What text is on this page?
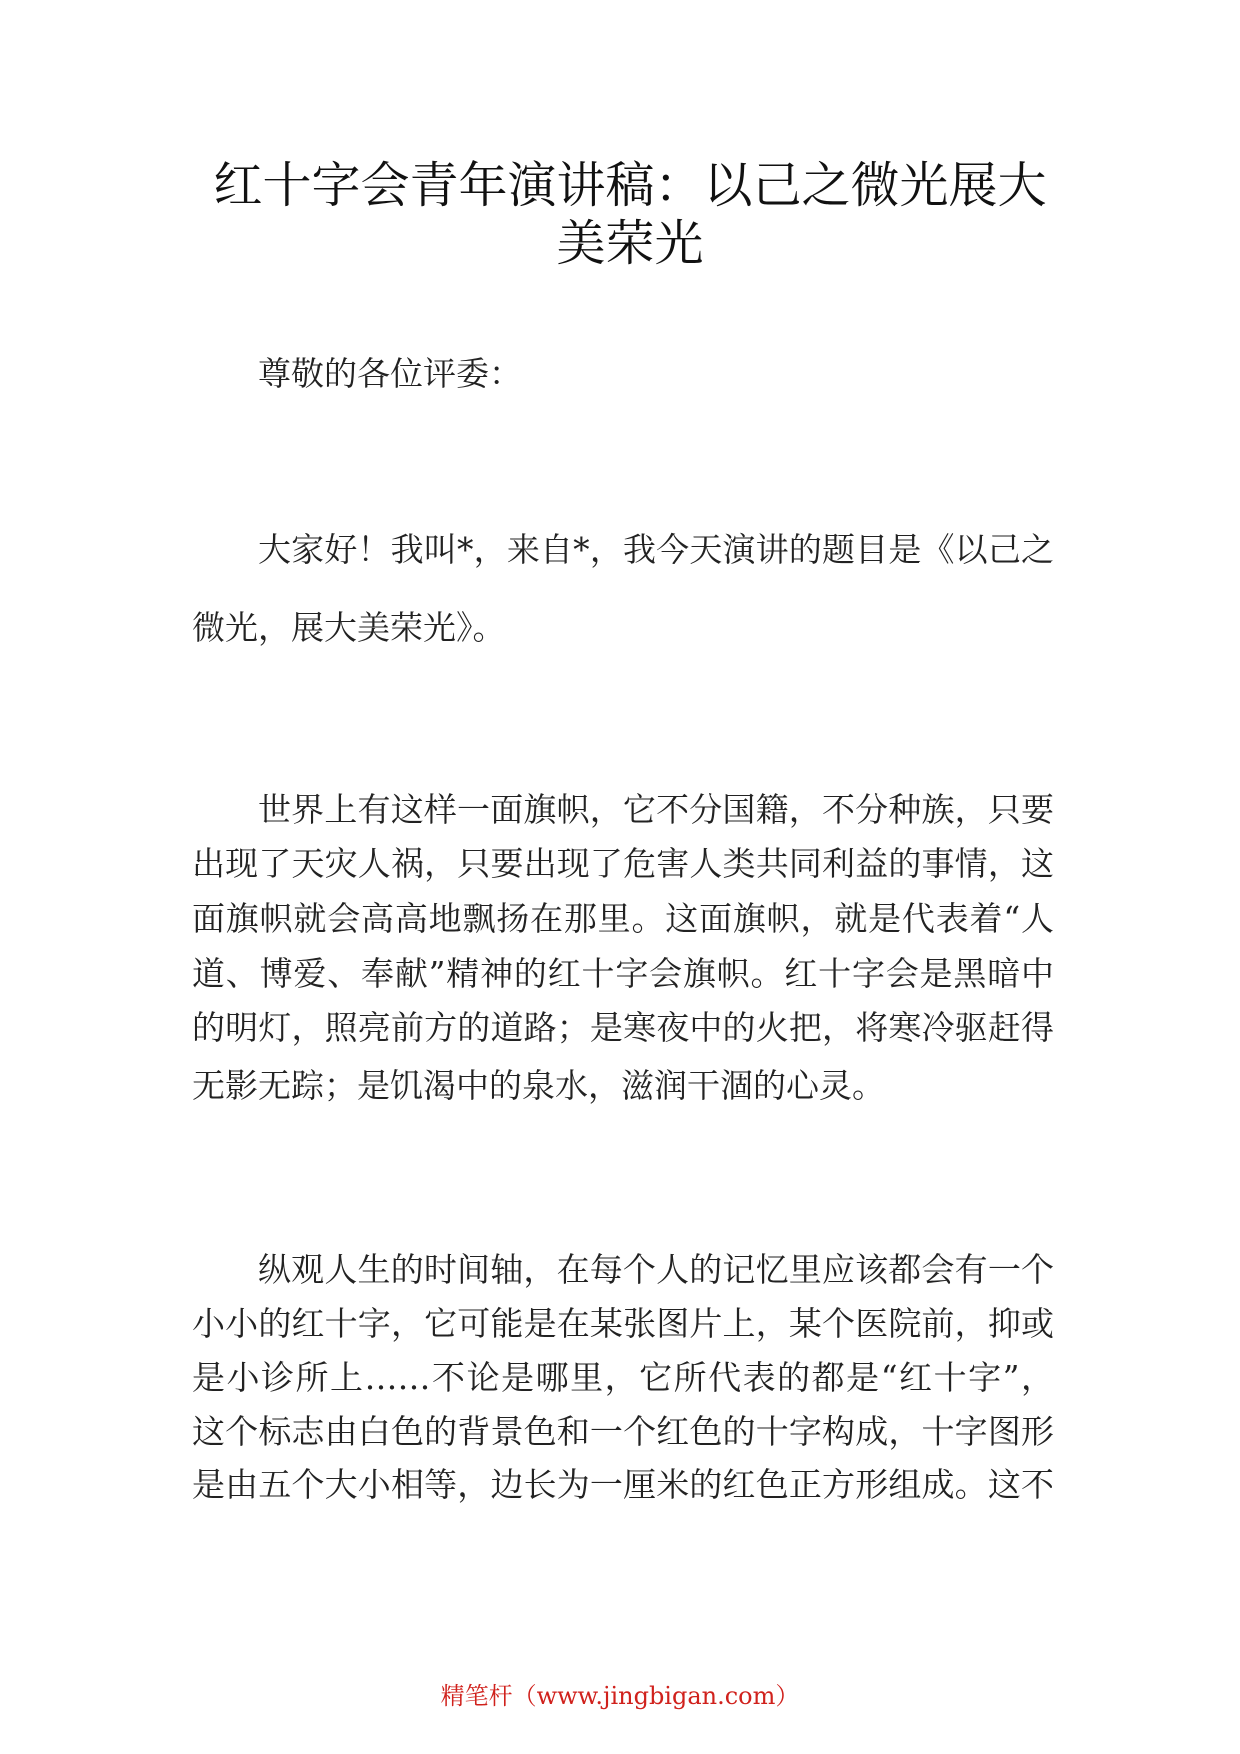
红十字会青年演讲稿：以己之微光展大
美荣光
尊敬的各位评委：
大家好！我叫*，来自*，我今天演讲的题目是《以己之
微光，展大美荣光》。
世界上有这样一面旗帜，它不分国籍，不分种族，只要
出现了天灾人祸，只要出现了危害人类共同利益的事情，这
面旗帜就会高高地飘扬在那里。这面旗帜，就是代表着“人
道、博爱、奉献”精神的红十字会旗帜。红十字会是黑暗中
的明灯，照亮前方的道路；是寒夜中的火把，将寒冷驱赶得
无影无踪；是饥渴中的泉水，滋润干涸的心灵。
纵观人生的时间轴，在每个人的记忆里应该都会有一个
小小的红十字，它可能是在某张图片上，某个医院前，抑或
是小诊所上……不论是哪里，它所代表的都是“红十字”，
这个标志由白色的背景色和一个红色的十字构成，十字图形
是由五个大小相等，边长为一厘米的红色正方形组成。这不
精笔杆（www.jingbigan.com）
